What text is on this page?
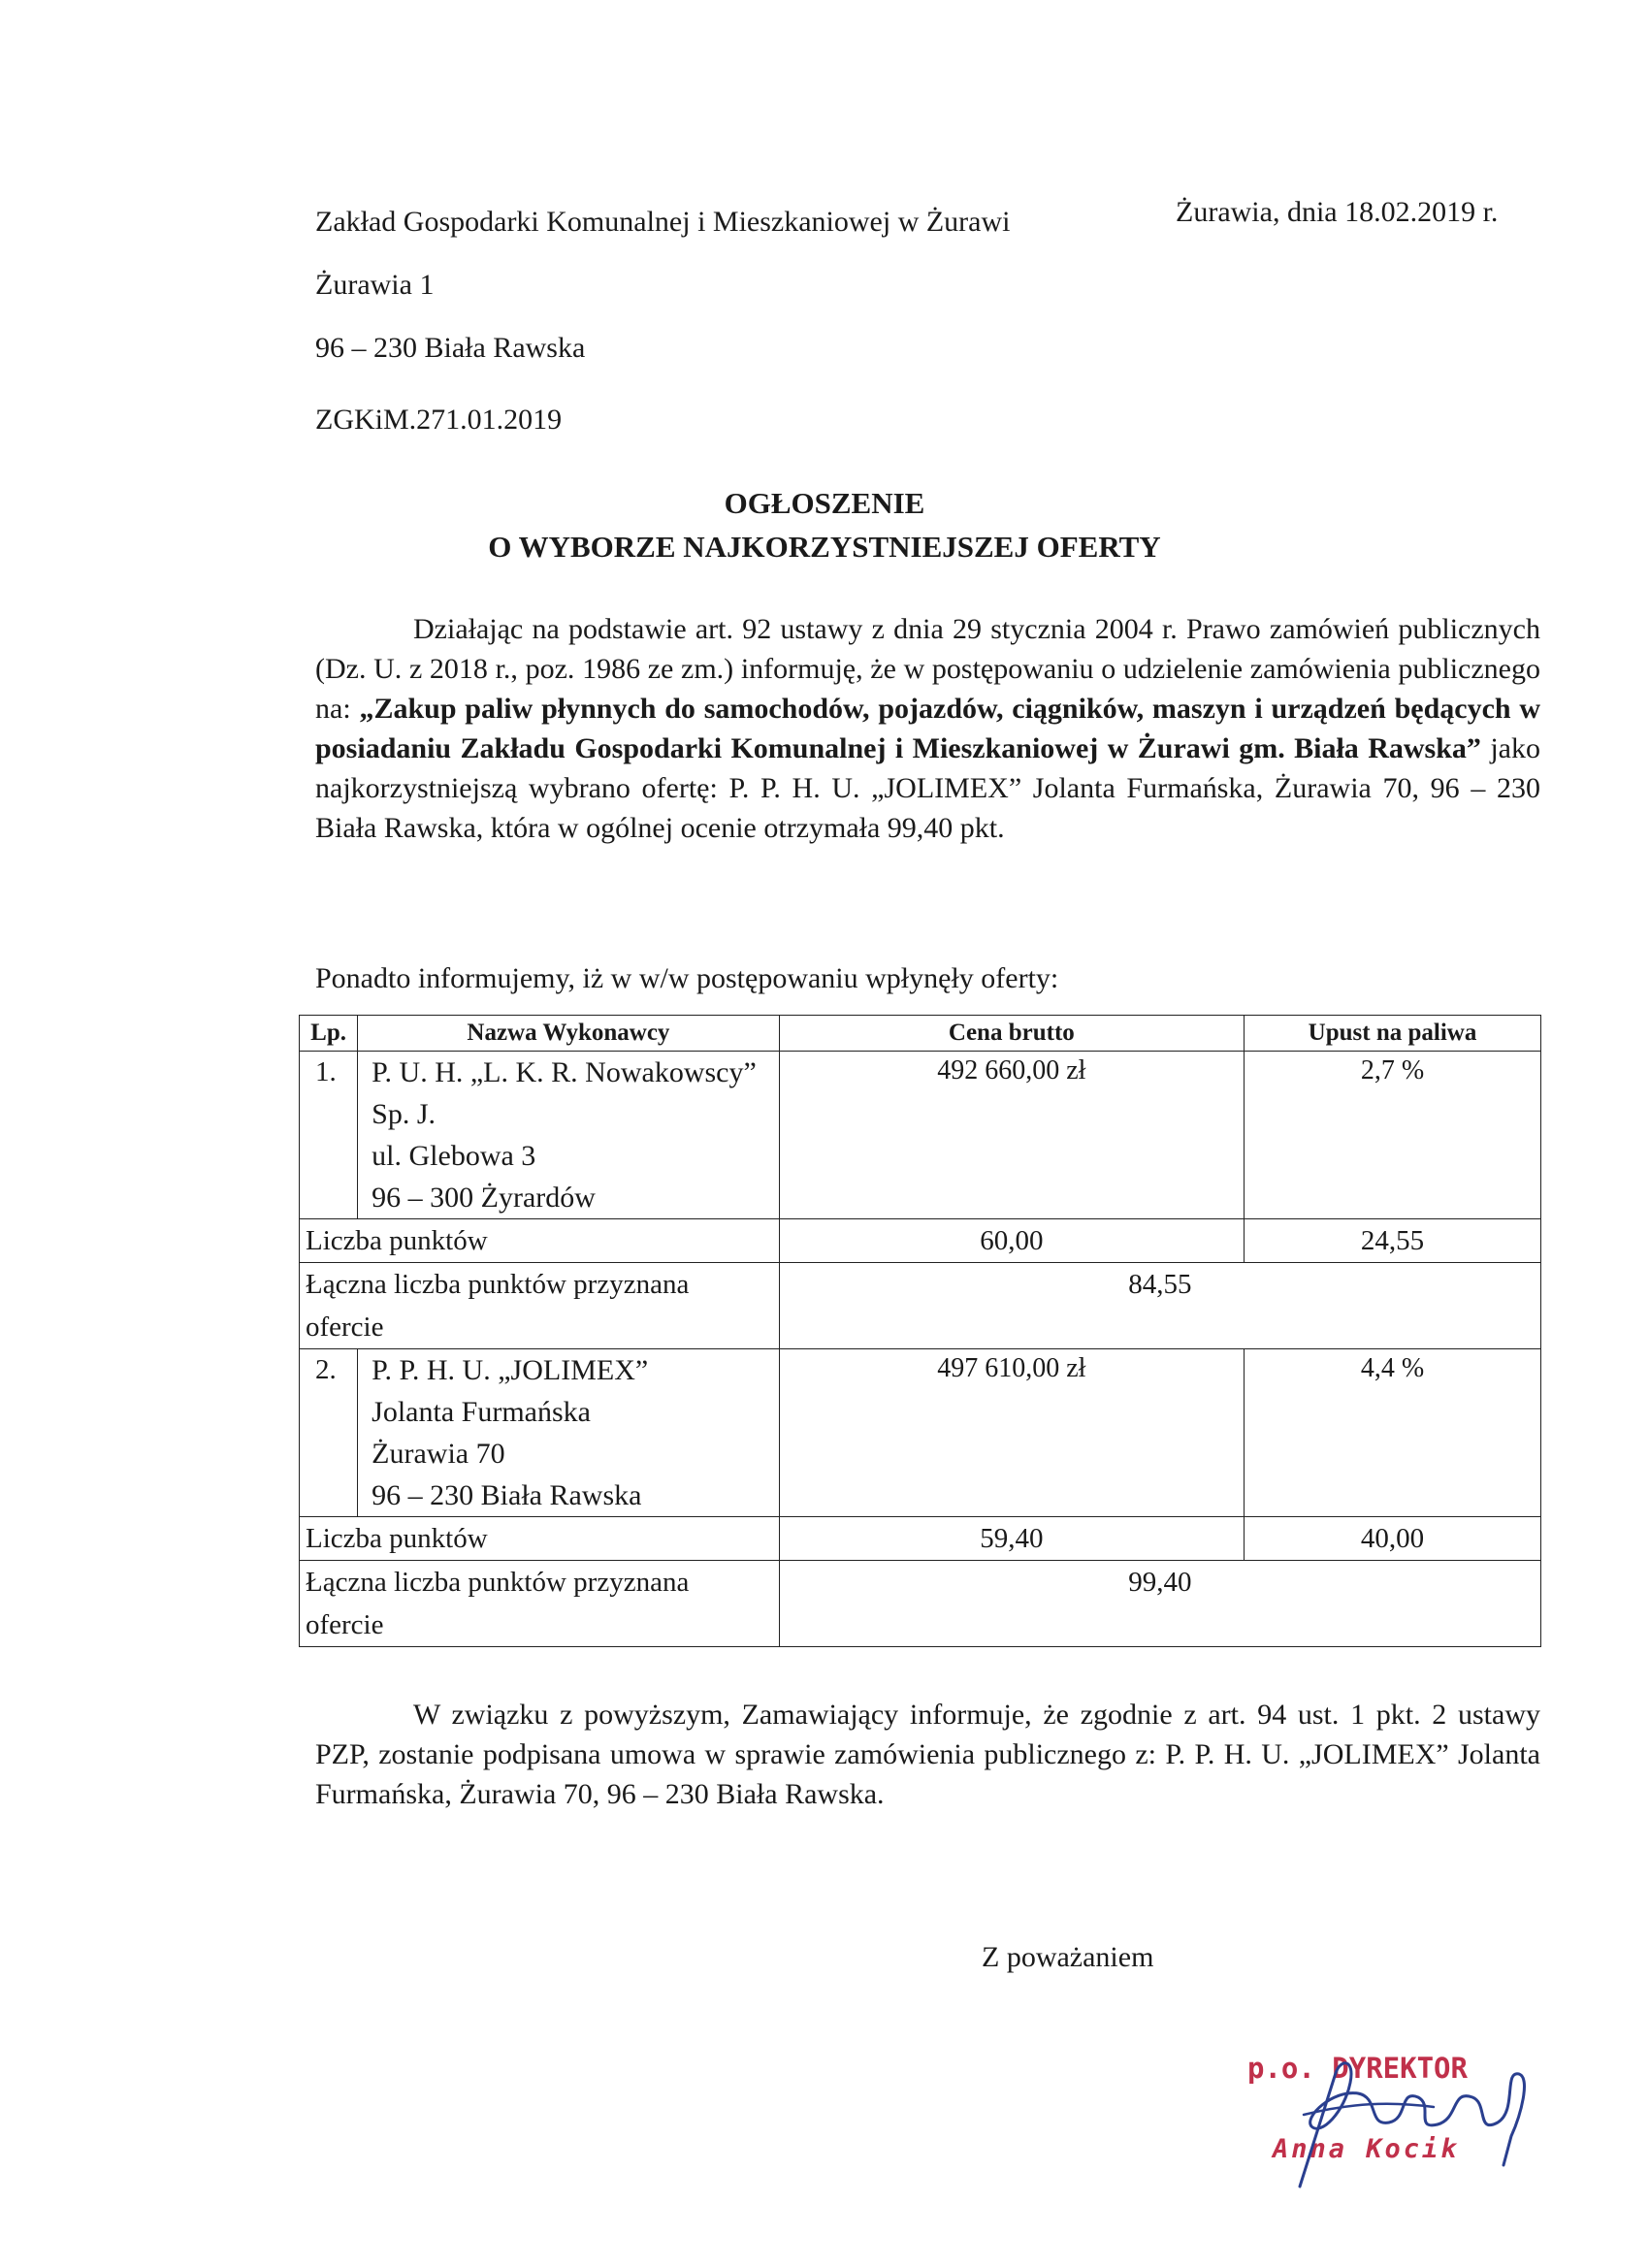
Zakład Gospodarki Komunalnej i Mieszkaniowej w Żurawi
Żurawia 1
96 – 230 Biała Rawska
Żurawia, dnia 18.02.2019 r.
ZGKiM.271.01.2019
OGŁOSZENIE
O WYBORZE NAJKORZYSTNIEJSZEJ OFERTY
Działając na podstawie art. 92 ustawy z dnia 29 stycznia 2004 r. Prawo zamówień publicznych (Dz. U. z 2018 r., poz. 1986 ze zm.) informuję, że w postępowaniu o udzielenie zamówienia publicznego na: „Zakup paliw płynnych do samochodów, pojazdów, ciągników, maszyn i urządzeń będących w posiadaniu Zakładu Gospodarki Komunalnej i Mieszkaniowej w Żurawi gm. Biała Rawska” jako najkorzystniejszą wybrano ofertę: P. P. H. U. „JOLIMEX” Jolanta Furmańska, Żurawia 70, 96 – 230 Biała Rawska, która w ogólnej ocenie otrzymała 99,40 pkt.
Ponadto informujemy, iż w w/w postępowaniu wpłynęły oferty:
Lp.	Nazwa Wykonawcy	Cena brutto	Upust na paliwa
1.	P. U. H. „L. K. R. Nowakowscy”
Sp. J.
ul. Glebowa 3
96 – 300 Żyrardów	492 660,00 zł	2,7 %
Liczba punktów		60,00	24,55
Łączna liczba punktów przyznana ofercie		84,55	
2.	P. P. H. U. „JOLIMEX”
Jolanta Furmańska
Żurawia 70
96 – 230 Biała Rawska	497 610,00 zł	4,4 %
Liczba punktów		59,40	40,00
Łączna liczba punktów przyznana ofercie		99,40	
W związku z powyższym, Zamawiający informuje, że zgodnie z art. 94 ust. 1 pkt. 2 ustawy PZP, zostanie podpisana umowa w sprawie zamówienia publicznego z: P. P. H. U. „JOLIMEX” Jolanta Furmańska, Żurawia 70, 96 – 230 Biała Rawska.
Z poważaniem
p.o. DYREKTOR
Anna Kocik
